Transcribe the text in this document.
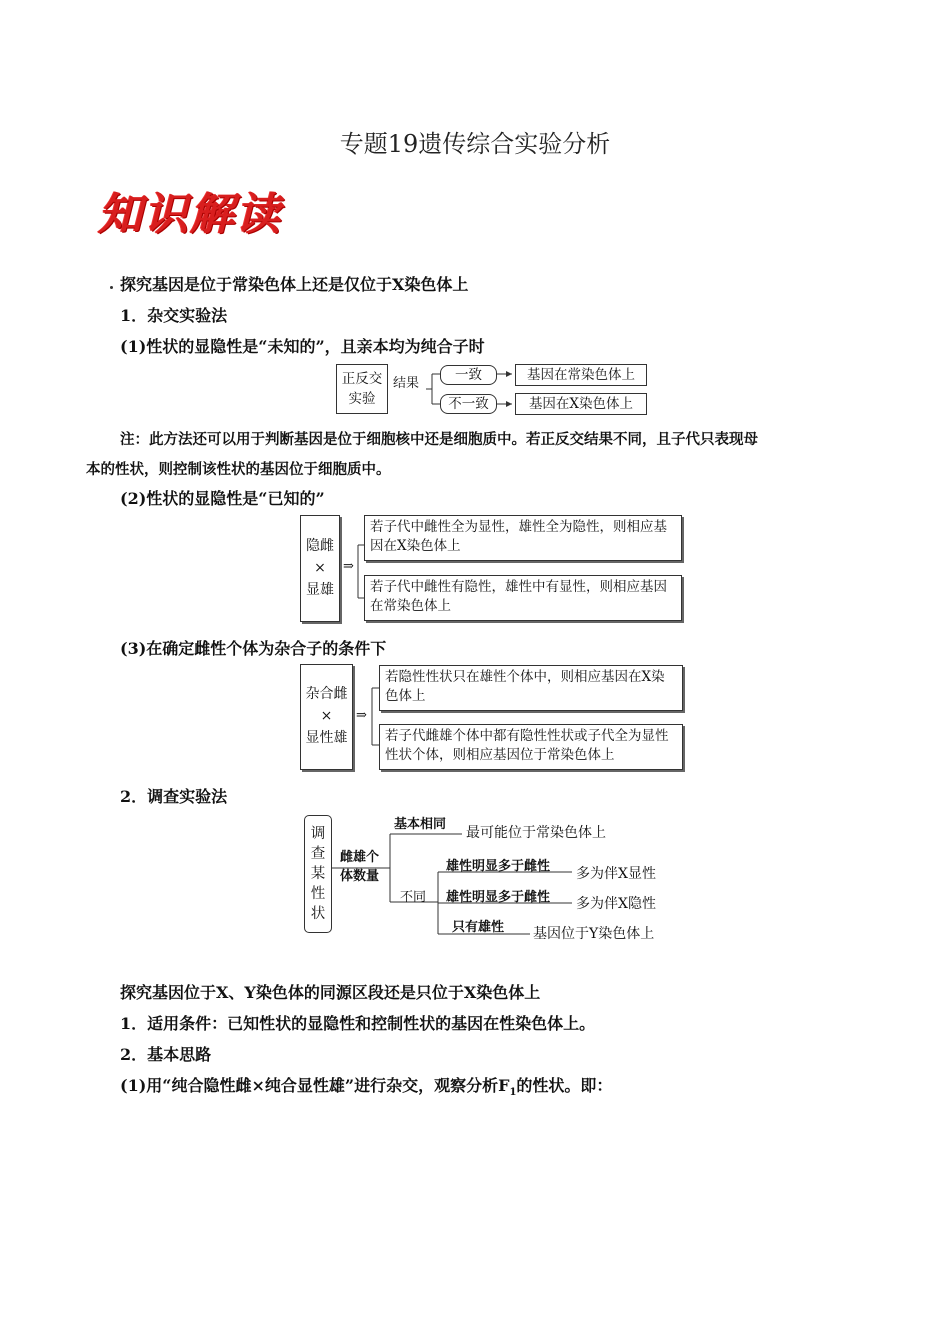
专题19遗传综合实验分析
知识解读
探究基因是位于常染色体上还是仅位于X染色体上
1．杂交实验法
(1)性状的显隐性是“未知的”，且亲本均为纯合子时
正反交实验
结果
一致
不一致
基因在常染色体上
基因在X染色体上
注：此方法还可以用于判断基因是位于细胞核中还是细胞质中。若正反交结果不同，且子代只表现母
本的性状，则控制该性状的基因位于细胞质中。
(2)性状的显隐性是“已知的”
隐雌
×
显雄
⇒
若子代中雌性全为显性，雄性全为隐性，则相应基因在X染色体上
若子代中雌性有隐性，雄性中有显性，则相应基因在常染色体上
(3)在确定雌性个体为杂合子的条件下
杂合雌
×
显性雄
⇒
若隐性性状只在雄性个体中，则相应基因在X染色体上
若子代雌雄个体中都有隐性性状或子代全为显性性状个体，则相应基因位于常染色体上
2．调查实验法
调
查
某
性
状
雌雄个体数量
基本相同
最可能位于常染色体上
不同
雄性明显多于雌性 多为伴X显性
雄性明显多于雌性 多为伴X隐性
只有雄性 基因位于Y染色体上
探究基因位于X、Y染色体的同源区段还是只位于X染色体上
1．适用条件：已知性状的显隐性和控制性状的基因在性染色体上。
2．基本思路
(1)用“纯合隐性雌×纯合显性雄”进行杂交，观察分析$F_1$的性状。即：
